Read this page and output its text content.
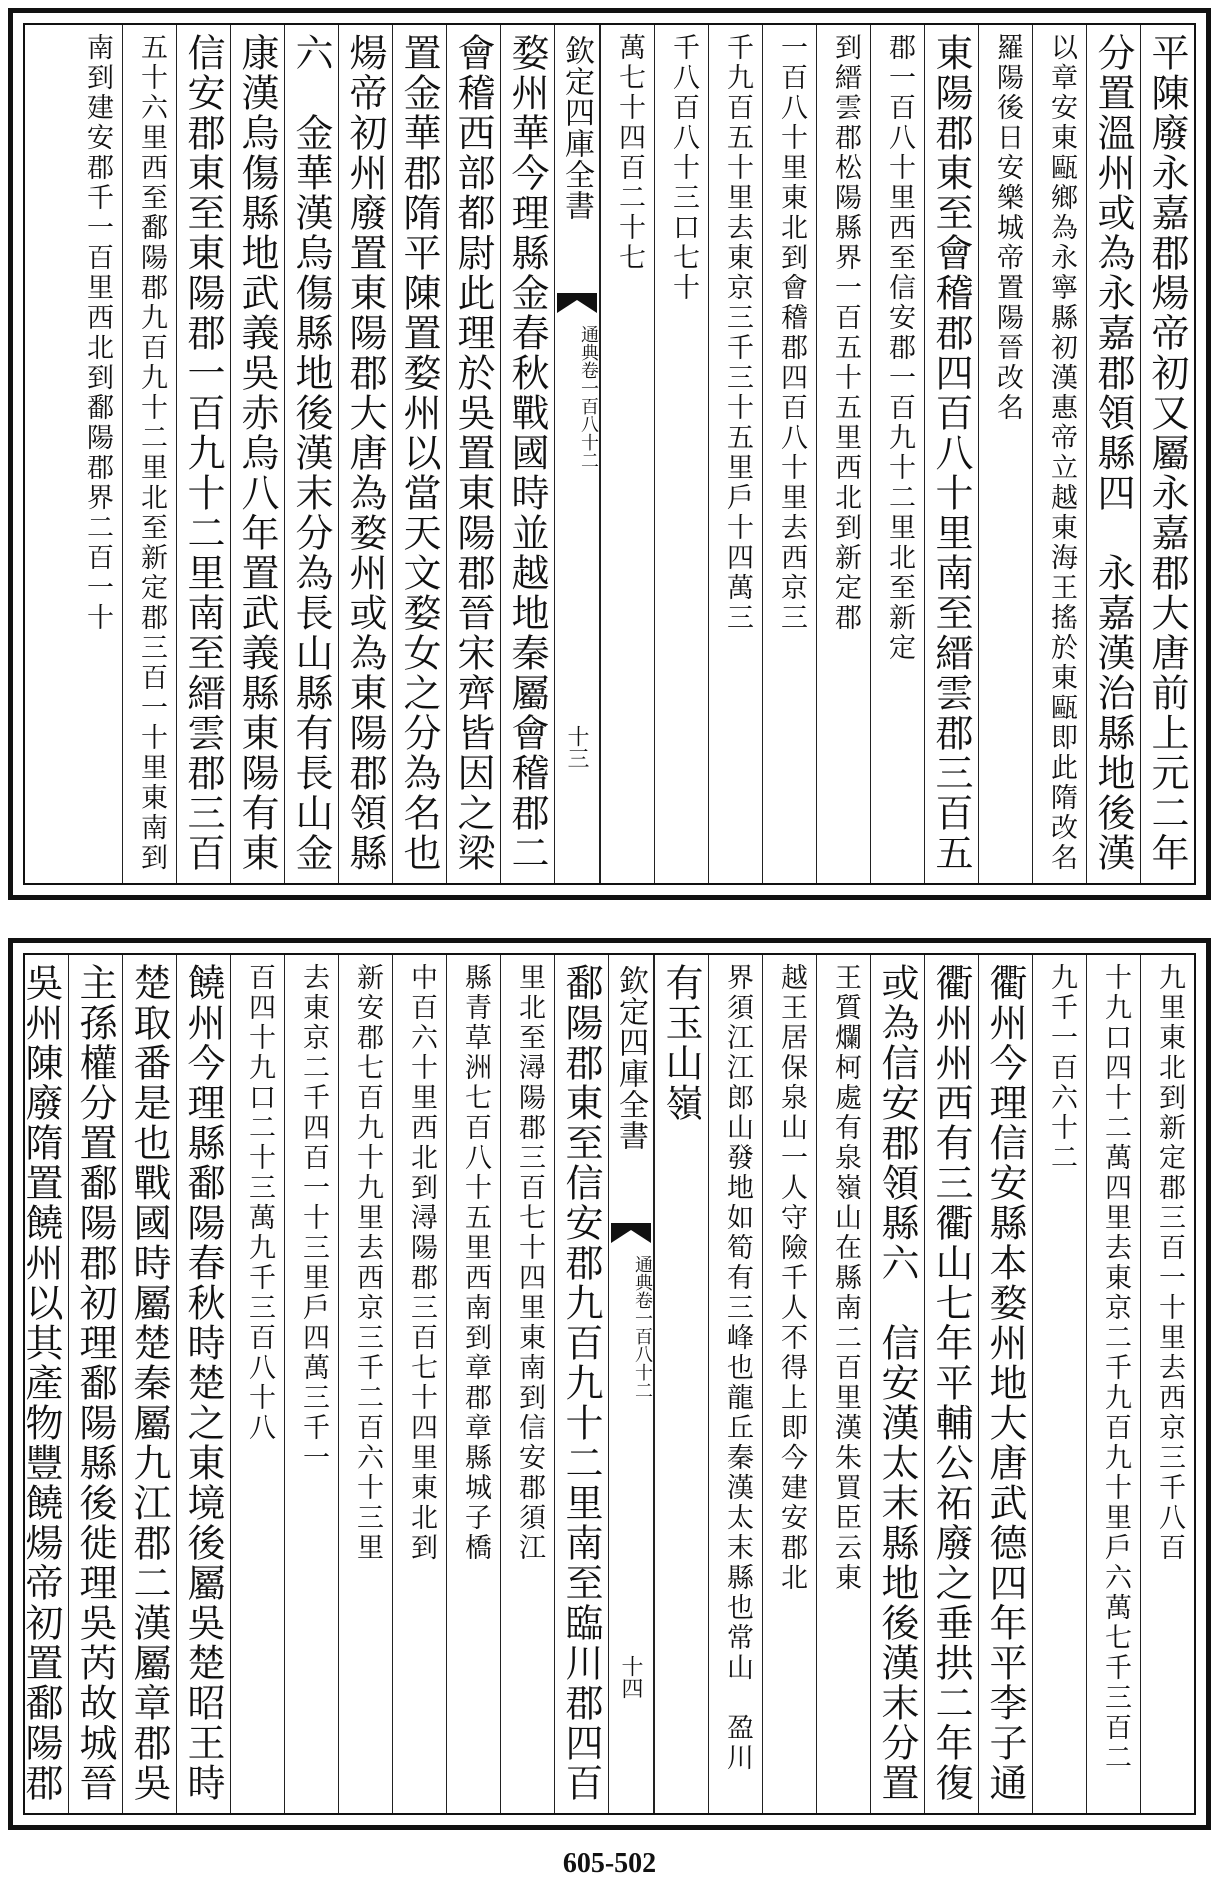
平陳廢永嘉郡煬帝初又屬永嘉郡大唐前上元二年
分置溫州或為永嘉郡領縣四　永嘉漢治縣地後漢
以章安東甌鄉為永寧縣初漢惠帝立越東海王搖於東甌即此隋改名
羅陽後日安樂城帝置陽晉改名
東陽郡東至會稽郡四百八十里南至縉雲郡三百五
郡一百八十里西至信安郡一百九十二里北至新定
到縉雲郡松陽縣界一百五十五里西北到新定郡
一百八十里東北到會稽郡四百八十里去西京三
千九百五十里去東京三千三十五里戶十四萬三
千八百八十三口七十
萬七十四百二十七
欽定四庫全書
通典卷一百八十二
十三
婺州華今理縣金春秋戰國時並越地秦屬會稽郡二
會稽西部都尉此理於吳置東陽郡晉宋齊皆因之梁
置金華郡隋平陳置婺州以當天文婺女之分為名也
煬帝初州廢置東陽郡大唐為婺州或為東陽郡領縣
六　金華漢烏傷縣地後漢末分為長山縣有長山金
康漢烏傷縣地武義吳赤烏八年置武義縣東陽有東
信安郡東至東陽郡一百九十二里南至縉雲郡三百
五十六里西至鄱陽郡九百九十二里北至新定郡三百一十里東南到
南到建安郡千一百里西北到鄱陽郡界二百一十
九里東北到新定郡三百一十里去西京三千八百
十九口四十二萬四里去東京二千九百九十里戶六萬七千三百二
九千一百六十二
衢州今理信安縣本婺州地大唐武德四年平李子通
衢州州西有三衢山七年平輔公祏廢之垂拱二年復
或為信安郡領縣六　信安漢太末縣地後漢末分置
王質爛柯處有泉嶺山在縣南二百里漢朱買臣云東
越王居保泉山一人守險千人不得上即今建安郡北
界須江江郎山發地如筍有三峰也龍丘秦漢太末縣也常山　盈川　
有玉山嶺
欽定四庫全書
通典卷一百八十二
十四
鄱陽郡東至信安郡九百九十二里南至臨川郡四百
里北至潯陽郡三百七十四里東南到信安郡須江
縣青草洲七百八十五里西南到章郡章縣城子橋
中百六十里西北到潯陽郡三百七十四里東北到
新安郡七百九十九里去西京三千二百六十三里
去東京二千四百一十三里戶四萬三千一
百四十九口二十三萬九千三百八十八
饒州今理縣鄱陽春秋時楚之東境後屬吳楚昭王時
楚取番是也戰國時屬楚秦屬九江郡二漢屬章郡吳
主孫權分置鄱陽郡初理鄱陽縣後徙理吳芮故城晉
吳州陳廢隋置饒州以其產物豐饒煬帝初置鄱陽郡
605-502
